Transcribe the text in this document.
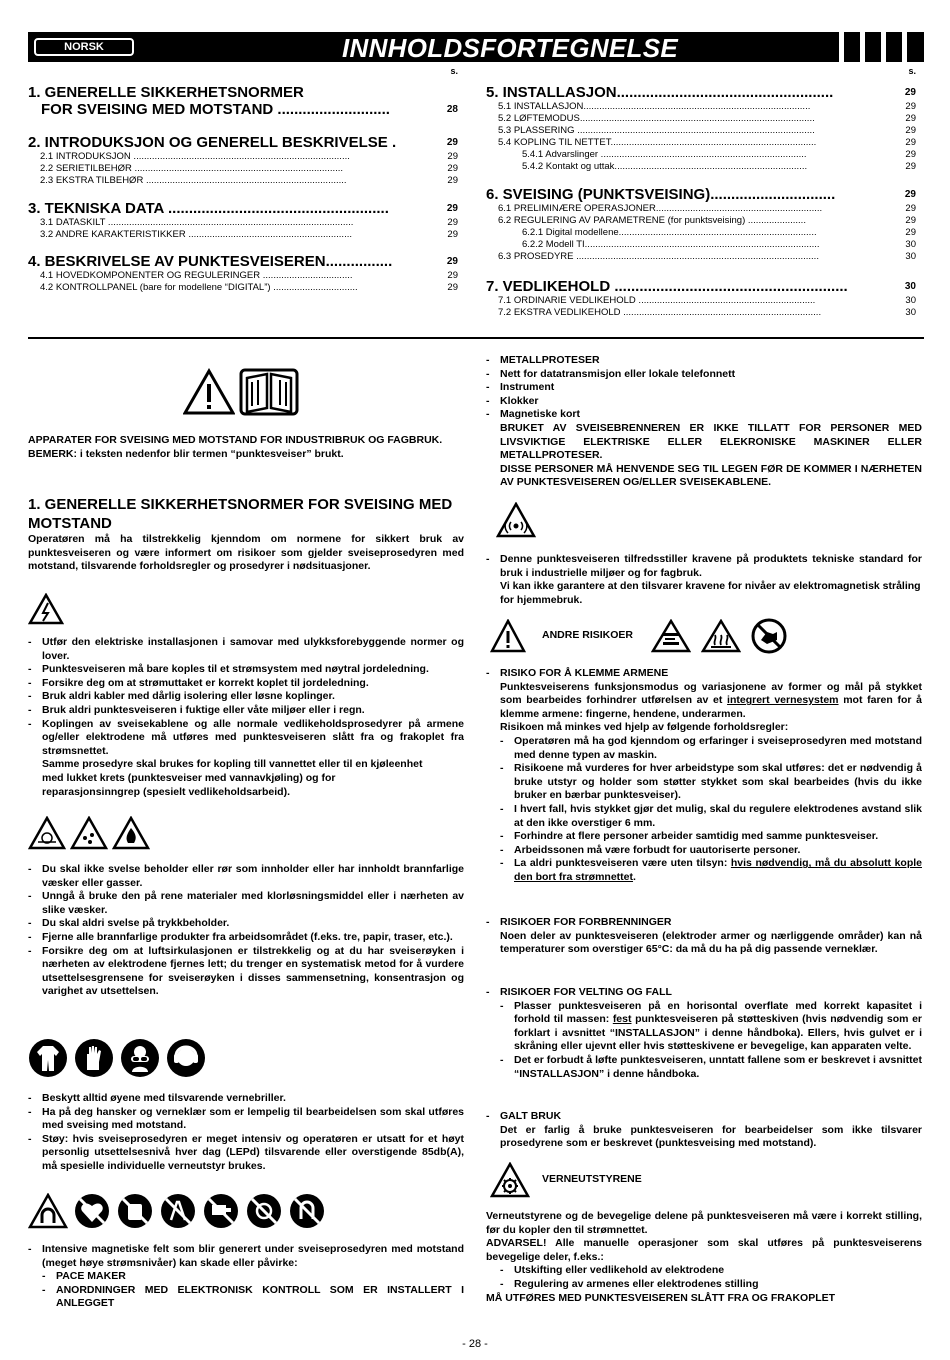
NORSK	INNHOLDSFORTEGNELSE
s.
1. GENERELLE SIKKERHETSNORMER
FOR SVEISING MED MOTSTAND ...........................	28
2. INTRODUKSJON OG GENERELL BESKRIVELSE .	29
2.1 INTRODUKSJON ..................................................................................	29
2.2 SERIETILBEHØR ...............................................................................	29
2.3 EKSTRA TILBEHØR ............................................................................	29
3. TEKNISKA DATA .....................................................	29
3.1 DATASKILT .............................................................................................	29
3.2 ANDRE KARAKTERISTIKKER ..............................................................	29
4. BESKRIVELSE AV PUNKTESVEISEREN................	29
4.1 HOVEDKOMPONENTER OG REGULERINGER ..................................	29
4.2 KONTROLLPANEL (bare for modellene “DIGITAL”) ................................	29
s.
5. INSTALLASJON....................................................	29
5.1 INSTALLASJON......................................................................................	29
5.2 LØFTEMODUS.........................................................................................	29
5.3 PLASSERING ..........................................................................................	29
5.4 KOPLING TIL NETTET..............................................................................	29
5.4.1 Advarslinger ..............................................................................	29
5.4.2 Kontakt og uttak.........................................................................	29
6. SVEISING (PUNKTSVEISING)..............................	29
6.1 PRELIMINÆRE OPERASJONER...............................................................	29
6.2 REGULERING AV PARAMETRENE (for punktsveising) ......................	29
6.2.1 Digital modellene...........................................................................	29
6.2.2 Modell TI.........................................................................................	30
6.3 PROSEDYRE ............................................................................................	30
7. VEDLIKEHOLD ........................................................	30
7.1 ORDINARIE VEDLIKEHOLD ...................................................................	30
7.2 EKSTRA VEDLIKEHOLD ...........................................................................	30

APPARATER FOR SVEISING MED MOTSTAND FOR INDUSTRIBRUK OG FAGBRUK.

BEMERK: i teksten nedenfor blir termen “punktesveiser” brukt.

1. GENERELLE SIKKERHETSNORMER FOR SVEISING MED MOTSTAND

Operatøren må ha tilstrekkelig kjenndom om normene for sikkert bruk av punktesveiseren og være informert om risikoer som gjelder sveiseprosedyren med motstand, tilsvarende forholdsregler og prosedyrer i nødsituasjoner.

-	Utfør den elektriske installasjonen i samovar med ulykksforebyggende normer og lover.
-	Punktesveiseren må bare koples til et strømsystem med nøytral jordeledning.
-	Forsikre deg om at strømuttaket er korrekt koplet til jordeledning.
-	Bruk aldri kabler med dårlig isolering eller løsne koplinger.
-	Bruk aldri punktesveiseren i fuktige eller våte miljøer eller i regn.
-	Koplingen av sveisekablene og alle normale vedlikeholdsprosedyrer på armene og/eller elektrodene må utføres med punktesveiseren slått fra og frakoplet fra strømsnettet.
Samme prosedyre skal brukes for kopling till vannettet eller til en kjøleenhet
med lukket krets (punktesveiser med vannavkjøling) og for
reparasjonsinngrep (spesielt vedlikeholdsarbeid).
-	Du skal ikke svelse beholder eller rør som innholder eller har innholdt brannfarlige væsker eller gasser.
-	Unngå å bruke den på rene materialer med klorløsningsmiddel eller i nærheten av slike væsker.
-	Du skal aldri svelse på trykkbeholder.
-	Fjerne alle brannfarlige produkter fra arbeidsområdet (f.eks. tre, papir, traser, etc.).
-	Forsikre deg om at luftsirkulasjonen er tilstrekkelig og at du har sveiserøyken i nærheten av elektrodene fjernes lett; du trenger en systematisk metod for å vurdere utsettelsesgrensene for sveiserøyken i disses sammensetning, konsentrasjon og varighet av utsettelsen.
-	Beskytt alltid øyene med tilsvarende vernebriller.
-	Ha på deg hansker og verneklær som er lempelig til bearbeidelsen som skal utføres med sveising med motstand.
-	Støy: hvis sveiseprosedyren er meget intensiv og operatøren er utsatt for et høyt personlig utsettelsesnivå hver dag (LEPd) tilsvarende eller overstigende 85db(A), må spesielle individuelle verneutstyr brukes.
-	Intensive magnetiske felt som blir generert under sveiseprosedyren med motstand (meget høye strømsnivåer) kan skade eller påvirke:
-	PACE MAKER
-	ANORDNINGER MED ELEKTRONISK KONTROLL SOM ER INSTALLERT I ANLEGGET
-	METALLPROTESER
-	Nett for datatransmisjon eller lokale telefonnett
-	Instrument
-	Klokker
-	Magnetiske kort

BRUKET AV SVEISEBRENNEREN ER IKKE TILLATT FOR PERSONER MED LIVSVIKTIGE ELEKTRISKE ELLER ELEKRONISKE MASKINER ELLER METALLPROTESER.

DISSE PERSONER MÅ HENVENDE SEG TIL LEGEN FØR DE KOMMER I NÆRHETEN AV PUNKTESVEISEREN OG/ELLER SVEISEKABLENE.

-	Denne punktesveiseren tilfredsstiller kravene på produktets tekniske standard for bruk i industrielle miljøer og for fagbruk.
Vi kan ikke garantere at den tilsvarer kravene for nivåer av elektromagnetisk stråling for hjemmebruk.
ANDRE RISIKOER
-	RISIKO FOR Å KLEMME ARMENE

Punktesveiserens funksjonsmodus og variasjonene av former og mål på stykket som bearbeides forhindrer utførelsen av et integrert vernesystem mot faren for å klemme armene: fingerne, hendene, underarmen.

Risikoen må minkes ved hjelp av følgende forholdsregler:

-	Operatøren må ha god kjenndom og erfaringer i sveiseprosedyren med motstand med denne typen av maskin.
-	Risikoene må vurderes for hver arbeidstype som skal utføres: det er nødvendig å bruke utstyr og holder som støtter stykket som skal bearbeides (hvis du ikke bruker en bærbar punktesveiser).
-	I hvert fall, hvis stykket gjør det mulig, skal du regulere elektrodenes avstand slik at den ikke overstiger 6 mm.
-	Forhindre at flere personer arbeider samtidig med samme punktesveiser.
-	Arbeidssonen må være forbudt for uautoriserte personer.
-	La aldri punktesveiseren være uten tilsyn: hvis nødvendig, må du absolutt kople den bort fra strømnettet.
-	RISIKOER FOR FORBRENNINGER

Noen deler av punktesveiseren (elektroder armer og nærliggende områder) kan nå temperaturer som overstiger 65°C: da må du ha på dig passende verneklær.

-	RISIKOER FOR VELTING OG FALL
-	Plasser punktesveiseren på en horisontal overflate med korrekt kapasitet i forhold til massen: fest punktesveiseren på støtteskiven (hvis nødvendig som er forklart i avsnittet “INSTALLASJON” i denne håndboka). Ellers, hvis gulvet er i skråning eller ujevnt eller hvis støtteskivene er bevegelige, kan apparaten velte.
-	Det er forbudt å løfte punktesveiseren, unntatt fallene som er beskrevet i avsnittet “INSTALLASJON” i denne håndboka.
-	GALT BRUK

Det er farlig å bruke punktesveiseren for bearbeidelser som ikke tilsvarer prosedyrene som er beskrevet (punktesveising med motstand).

VERNEUTSTYRENE

Verneutstyrene og de bevegelige delene på punktesveiseren må være i korrekt stilling, før du kopler den til strømnettet.

ADVARSEL! Alle manuelle operasjoner som skal utføres på punktesveiserens bevegelige deler, f.eks.:

-	Utskifting eller vedlikehold av elektrodene
-	Regulering av armenes eller elektrodenes stilling

MÅ UTFØRES MED PUNKTESVEISEREN SLÅTT FRA OG FRAKOPLET

- 28 -
